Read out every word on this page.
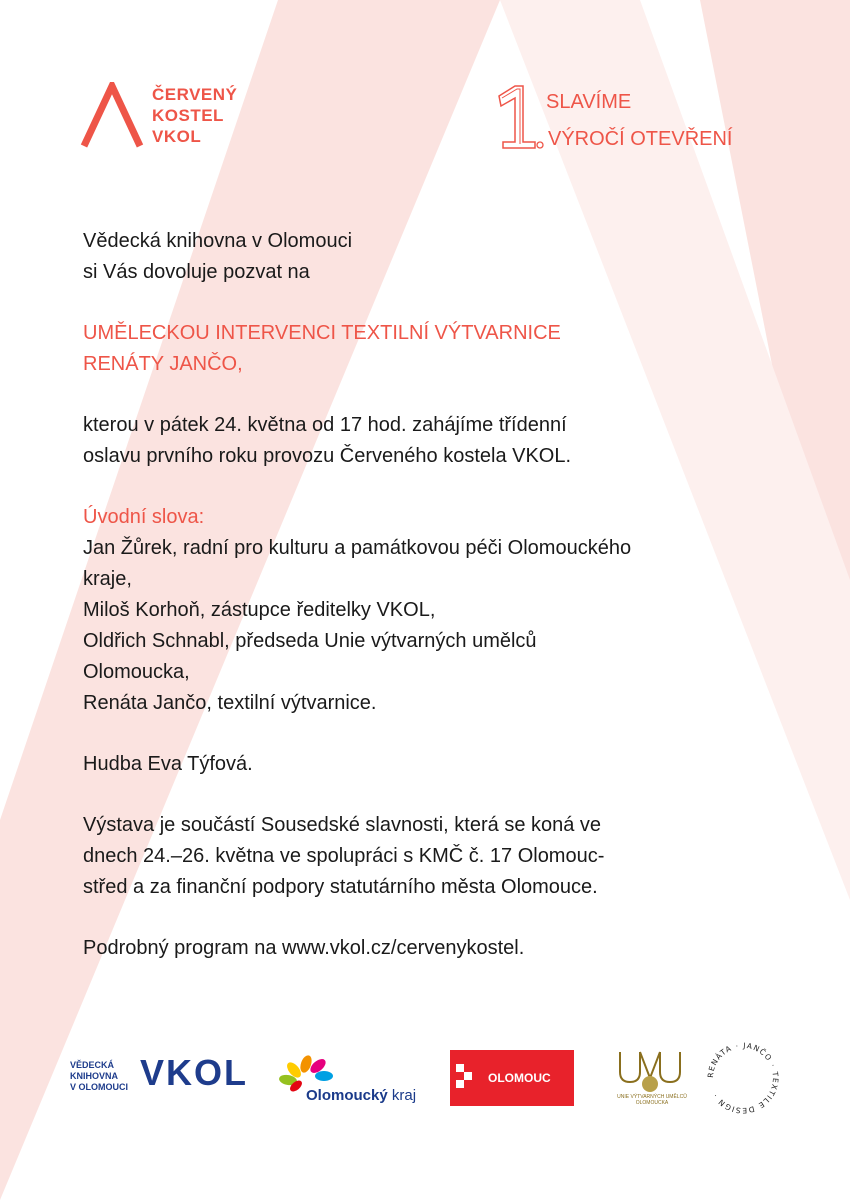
ČERVENÝ
KOSTEL
VKOL
SLAVÍME
VÝROČÍ OTEVŘENÍ

Vědecká knihovna v Olomouci

si Vás dovoluje pozvat na

UMĚLECKOU INTERVENCI TEXTILNÍ VÝTVARNICE

RENÁTY JANČO,

kterou v pátek 24. května od 17 hod. zahájíme třídenní

oslavu prvního roku provozu Červeného kostela VKOL.

Úvodní slova:

Jan Žůrek, radní pro kulturu a památkovou péči Olomouckého

kraje,

Miloš Korhoň, zástupce ředitelky VKOL,

Oldřich Schnabl, předseda Unie výtvarných umělců

Olomoucka,

Renáta Jančo, textilní výtvarnice.

Hudba Eva Týfová.

Výstava je součástí Sousedské slavnosti, která se koná ve

dnech 24.–26. května ve spolupráci s KMČ č. 17 Olomouc-

střed a za finanční podpory statutárního města Olomouce.

Podrobný program na www.vkol.cz/cervenykostel.

VĚDECKÁ
KNIHOVNA
V OLOMOUCI VKOL
Olomoucký kraj
OLOMOUC
UNIE VÝTVARNÝCH UMĚLCŮ
OLOMOUCKA
RENÁTA · JANČO · TEXTILE DESIGN ·
